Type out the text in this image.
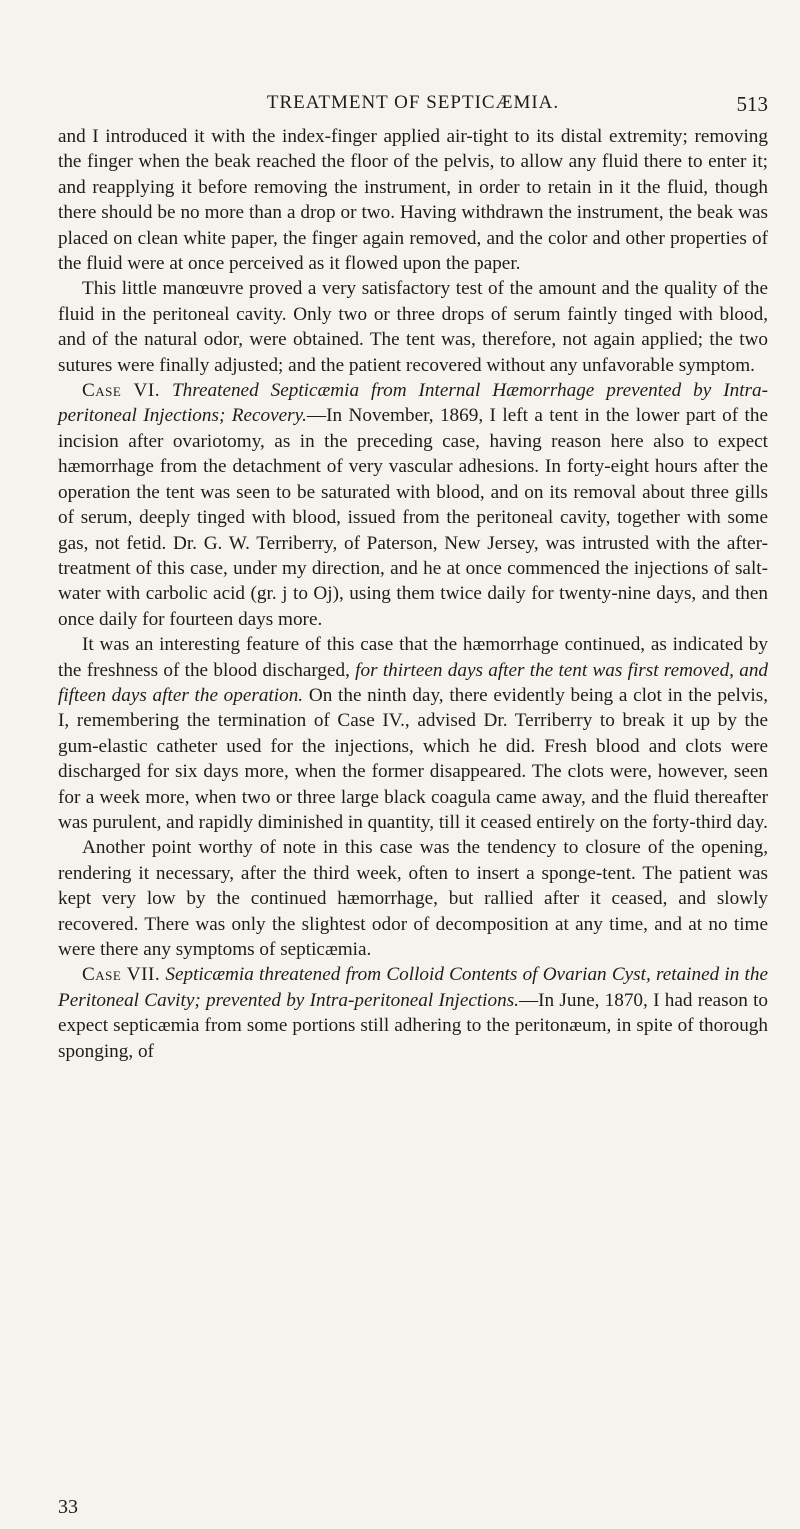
TREATMENT OF SEPTICÆMIA.	513

and I introduced it with the index-finger applied air-tight to its distal extremity; removing the finger when the beak reached the floor of the pelvis, to allow any fluid there to enter it; and reapplying it before removing the instrument, in order to retain in it the fluid, though there should be no more than a drop or two. Having withdrawn the instrument, the beak was placed on clean white paper, the finger again removed, and the color and other properties of the fluid were at once perceived as it flowed upon the paper.

This little manœuvre proved a very satisfactory test of the amount and the quality of the fluid in the peritoneal cavity. Only two or three drops of serum faintly tinged with blood, and of the natural odor, were obtained. The tent was, therefore, not again applied; the two sutures were finally adjusted; and the patient recovered without any unfavorable symptom.

Case VI. Threatened Septicæmia from Internal Hæmorrhage prevented by Intra-peritoneal Injections; Recovery.—In November, 1869, I left a tent in the lower part of the incision after ovariotomy, as in the preceding case, having reason here also to expect hæmorrhage from the detachment of very vascular adhesions. In forty-eight hours after the operation the tent was seen to be saturated with blood, and on its removal about three gills of serum, deeply tinged with blood, issued from the peritoneal cavity, together with some gas, not fetid. Dr. G. W. Terriberry, of Paterson, New Jersey, was intrusted with the after-treatment of this case, under my direction, and he at once commenced the injections of salt-water with carbolic acid (gr. j to Oj), using them twice daily for twenty-nine days, and then once daily for fourteen days more.

It was an interesting feature of this case that the hæmorrhage continued, as indicated by the freshness of the blood discharged, for thirteen days after the tent was first removed, and fifteen days after the operation. On the ninth day, there evidently being a clot in the pelvis, I, remembering the termination of Case IV., advised Dr. Terriberry to break it up by the gum-elastic catheter used for the injections, which he did. Fresh blood and clots were discharged for six days more, when the former disappeared. The clots were, however, seen for a week more, when two or three large black coagula came away, and the fluid thereafter was purulent, and rapidly diminished in quantity, till it ceased entirely on the forty-third day.

Another point worthy of note in this case was the tendency to closure of the opening, rendering it necessary, after the third week, often to insert a sponge-tent. The patient was kept very low by the continued hæmorrhage, but rallied after it ceased, and slowly recovered. There was only the slightest odor of decomposition at any time, and at no time were there any symptoms of septicæmia.

Case VII. Septicæmia threatened from Colloid Contents of Ovarian Cyst, retained in the Peritoneal Cavity; prevented by Intra-peritoneal Injections.—In June, 1870, I had reason to expect septicæmia from some portions still adhering to the peritonæum, in spite of thorough sponging, of

33
